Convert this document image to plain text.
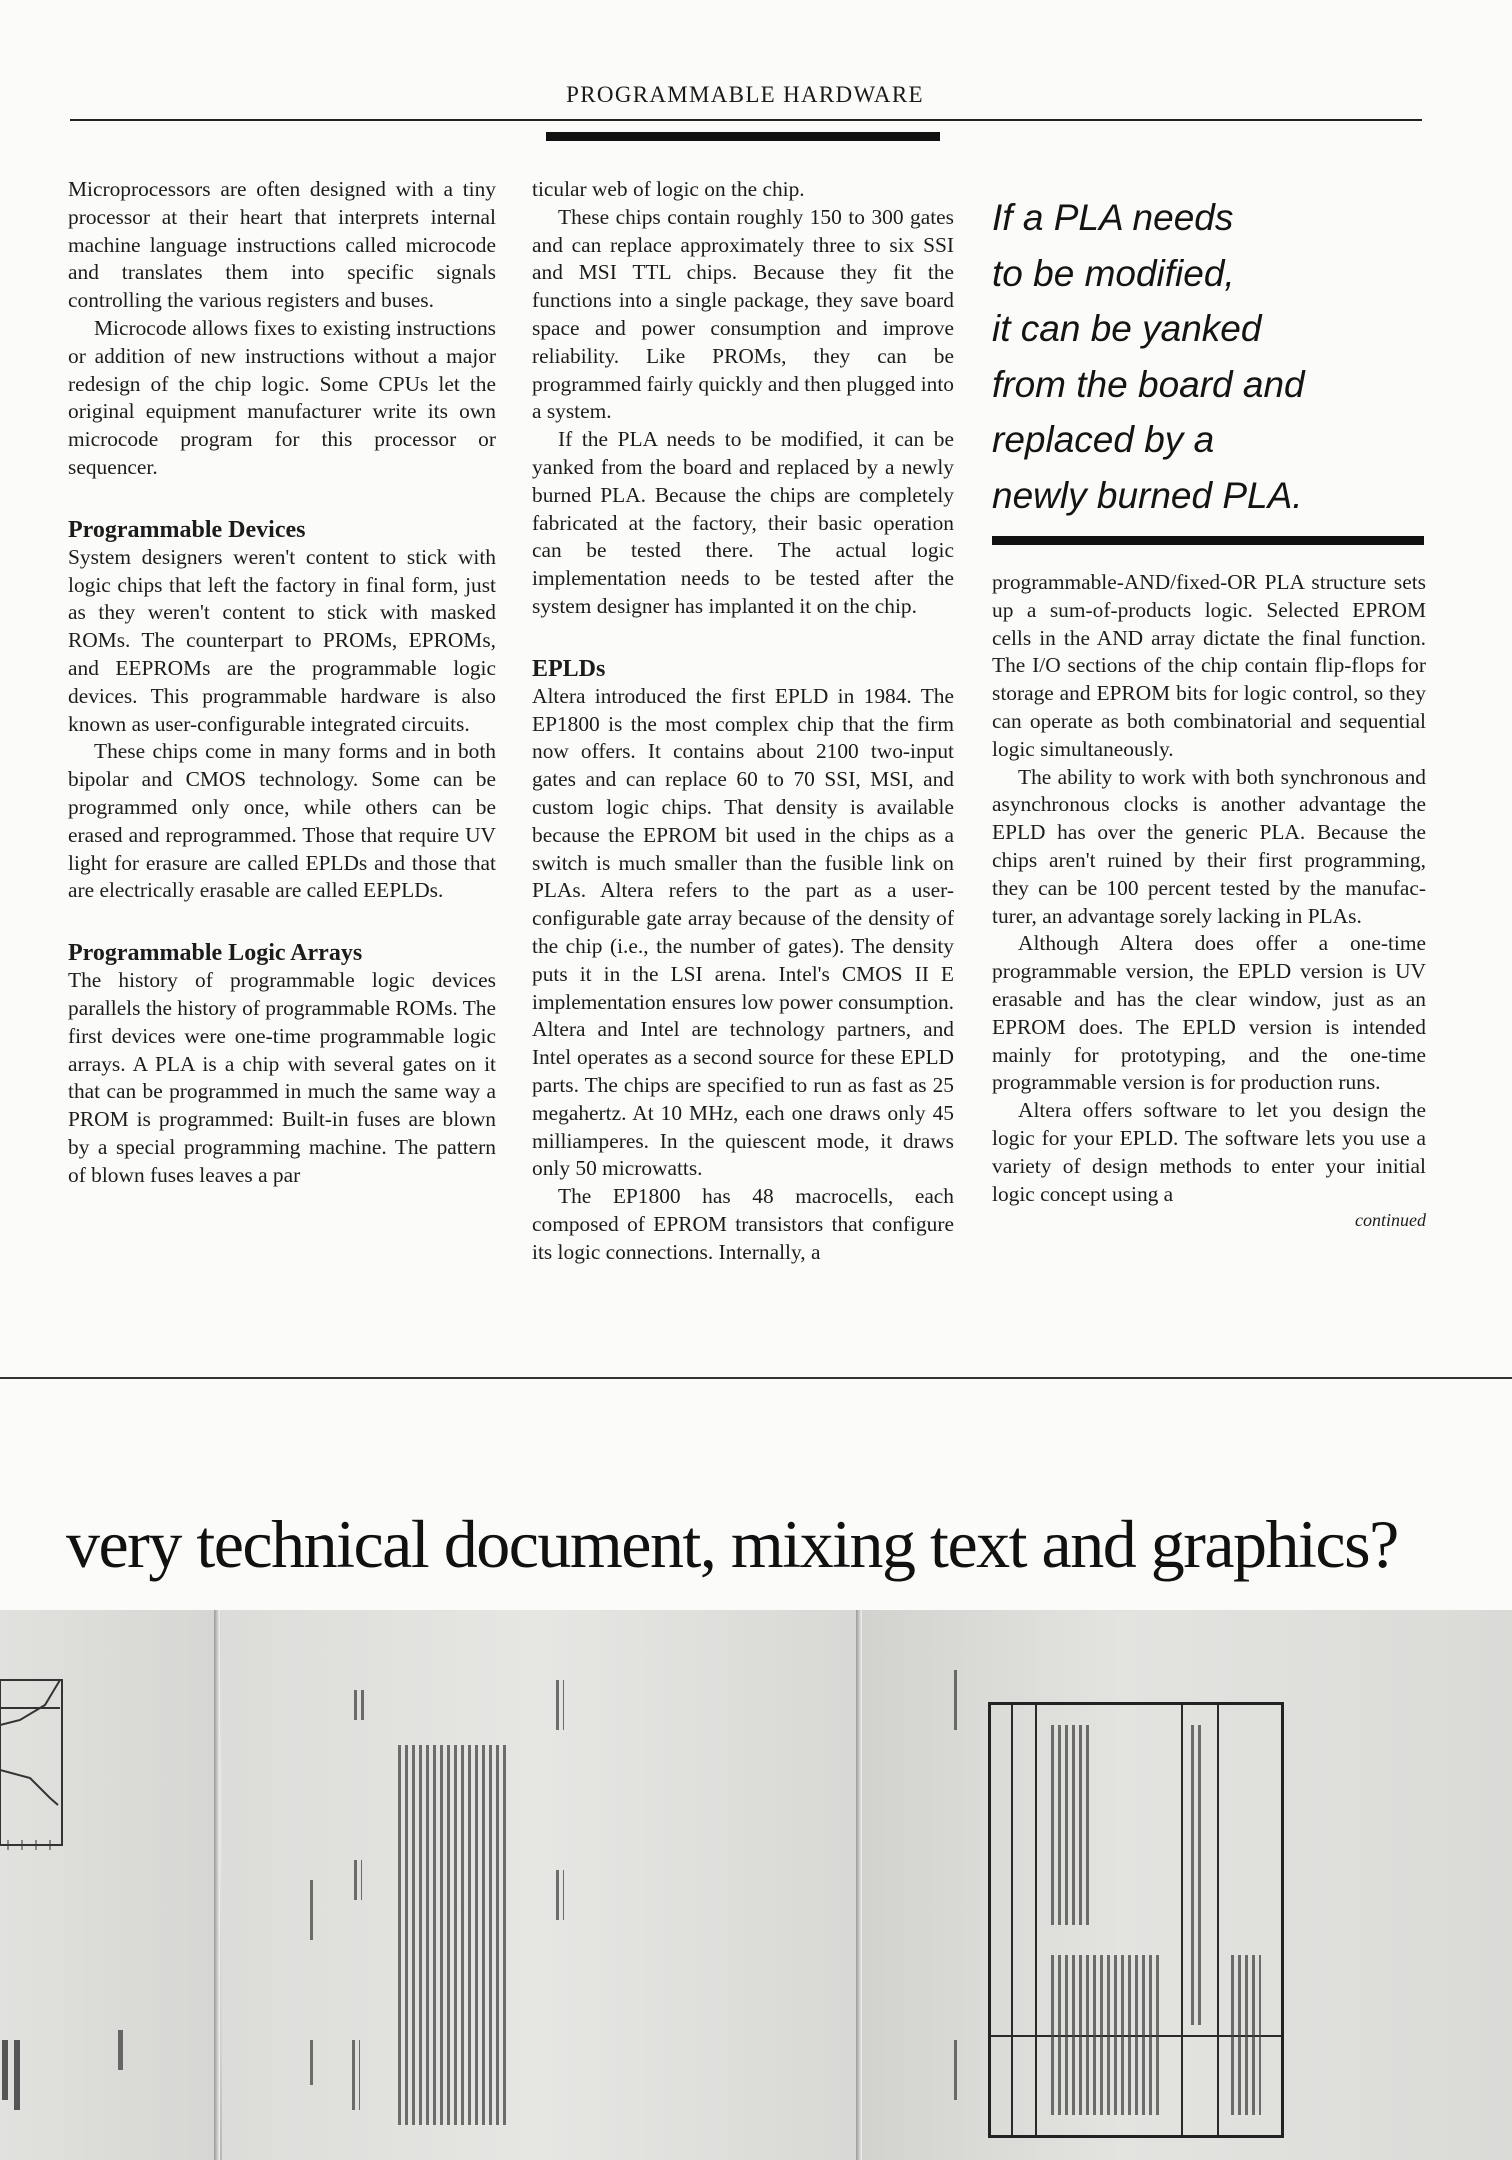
PROGRAMMABLE HARDWARE

Microprocessors are often designed with a tiny processor at their heart that interprets internal machine language instructions called microcode and translates them into specific signals controlling the various registers and buses.

Microcode allows fixes to existing instructions or addition of new instructions without a major redesign of the chip logic. Some CPUs let the original equipment manufacturer write its own microcode program for this processor or sequencer.

Programmable Devices

System designers weren't content to stick with logic chips that left the factory in final form, just as they weren't content to stick with masked ROMs. The counterpart to PROMs, EPROMs, and EEPROMs are the programmable logic devices. This programmable hardware is also known as user-configurable integrated circuits.

These chips come in many forms and in both bipolar and CMOS technology. Some can be programmed only once, while others can be erased and reprogrammed. Those that require UV light for erasure are called EPLDs and those that are electrically erasable are called EEPLDs.

Programmable Logic Arrays

The history of programmable logic devices parallels the history of programmable ROMs. The first devices were one-time programmable logic arrays. A PLA is a chip with several gates on it that can be programmed in much the same way a PROM is programmed: Built-in fuses are blown by a special programming machine. The pattern of blown fuses leaves a par

ticular web of logic on the chip.

These chips contain roughly 150 to 300 gates and can replace approximately three to six SSI and MSI TTL chips. Because they fit the functions into a single package, they save board space and power consumption and improve reliability. Like PROMs, they can be programmed fairly quickly and then plugged into a system.

If the PLA needs to be modified, it can be yanked from the board and replaced by a newly burned PLA. Because the chips are completely fabricated at the factory, their basic operation can be tested there. The actual logic implementation needs to be tested after the system designer has implanted it on the chip.

EPLDs

Altera introduced the first EPLD in 1984. The EP1800 is the most complex chip that the firm now offers. It contains about 2100 two-input gates and can replace 60 to 70 SSI, MSI, and custom logic chips. That density is available because the EPROM bit used in the chips as a switch is much smaller than the fusible link on PLAs. Altera refers to the part as a user-configurable gate array because of the density of the chip (i.e., the number of gates). The density puts it in the LSI arena. Intel's CMOS II E implementation ensures low power consumption. Altera and Intel are technology partners, and Intel operates as a second source for these EPLD parts. The chips are specified to run as fast as 25 megahertz. At 10 MHz, each one draws only 45 milliamperes. In the quiescent mode, it draws only 50 microwatts.

The EP1800 has 48 macrocells, each composed of EPROM transistors that configure its logic connections. Internally, a

If a PLA needs
to be modified,
it can be yanked
from the board and
replaced by a
newly burned PLA.

programmable-AND/fixed-OR PLA structure sets up a sum-of-products logic. Selected EPROM cells in the AND array dictate the final function. The I/O sections of the chip contain flip-flops for storage and EPROM bits for logic control, so they can operate as both combinatorial and sequential logic simultaneously.

The ability to work with both synchronous and asynchronous clocks is another advantage the EPLD has over the generic PLA. Because the chips aren't ruined by their first programming, they can be 100 percent tested by the manufacturer, an advantage sorely lacking in PLAs.

Although Altera does offer a one-time programmable version, the EPLD version is UV erasable and has the clear window, just as an EPROM does. The EPLD version is intended mainly for prototyping, and the one-time programmable version is for production runs.

Altera offers software to let you design the logic for your EPLD. The software lets you use a variety of design methods to enter your initial logic concept using a

continued
very technical document, mixing text and graphics?
